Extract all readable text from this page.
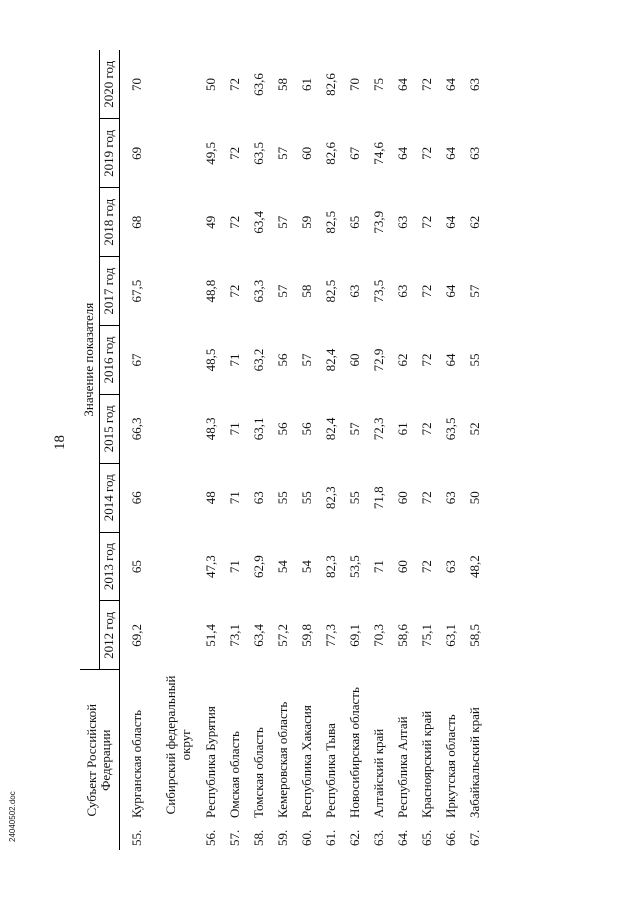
18
24040502.doc
Субъект Российской Федерации		Значение показателя								
		2012 год	2013 год	2014 год	2015 год	2016 год	2017 год	2018 год	2019 год	2020 год
55.	Курганская область	69,2	65	66	66,3	67	67,5	68	69	70
	Сибирский федеральный округ									
56.	Республика Бурятия	51,4	47,3	48	48,3	48,5	48,8	49	49,5	50
57.	Омская область	73,1	71	71	71	71	72	72	72	72
58.	Томская область	63,4	62,9	63	63,1	63,2	63,3	63,4	63,5	63,6
59.	Кемеровская область	57,2	54	55	56	56	57	57	57	58
60.	Республика Хакасия	59,8	54	55	56	57	58	59	60	61
61.	Республика Тыва	77,3	82,3	82,3	82,4	82,4	82,5	82,5	82,6	82,6
62.	Новосибирская область	69,1	53,5	55	57	60	63	65	67	70
63.	Алтайский край	70,3	71	71,8	72,3	72,9	73,5	73,9	74,6	75
64.	Республика Алтай	58,6	60	60	61	62	63	63	64	64
65.	Красноярский край	75,1	72	72	72	72	72	72	72	72
66.	Иркутская область	63,1	63	63	63,5	64	64	64	64	64
67.	Забайкальский край	58,5	48,2	50	52	55	57	62	63	63
